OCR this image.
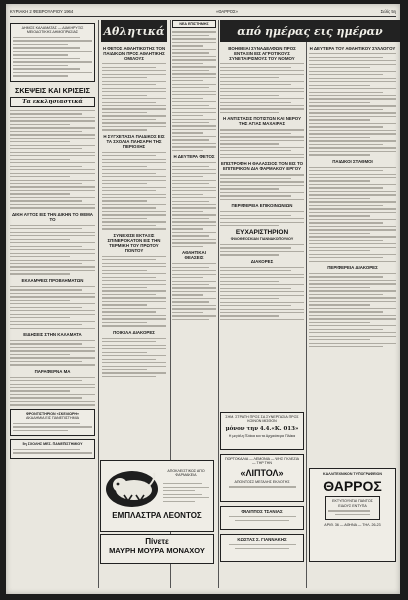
ΚΥΡΙΑΚΗ 2 ΦΕΒΡΟΥΑΡΙΟΥ 1964	«ΘΑΡΡΟΣ»	Σελίς 5η
ΔΗΜΟΣ ΚΑΛΑΜΑΤΑΣ — ΔΙΑΚΗΡΥΞΙΣ ΜΕΙΟΔΟΤΙΚΗΣ ΔΗΜΟΠΡΑΣΙΑΣ
ΣΚΕΨΕΙΣ ΚΑΙ ΚΡΙΣΕΙΣ
Τα εκκλησιαστικά
ΔΙΚΗ ΑΥΤΟΣ ΕΙΣ ΤΗΝ ΔΙΚΗΝ ΤΟ ΘΕΜΑ ΤΟ
ΕΚΛΑΜΨΕΙΣ ΠΡΟΒΛΗΜΑΤΩΝ
ΕΙΔΗΣΕΙΣ ΣΤΗΝ ΚΑΛΑΜΑΤΑ
ΠΑΡΑΦΕΡΝΑ ΜΑ
ΦΡΟΝΤΙΣΤΗΡΙΟΝ «ΣΚΕΛΙΩΡΗ»
ΑΚΑΔΗΜΙΑ ΕΙΣ ΠΑΝΕΠΙΣΤΗΜΙΑ
5η ΣΧΟΛΗΣ ΜΕΣ. ΠΑΝΕΠΙΣΤΗΜΙΟΥ
Αθλητικά
Η ΦΕΤΟΣ ΑΘΛΗΤΙΚΟΤΗΣ ΤΟΝ ΠΑΙΔΙΚΩΝ ΠΡΟΣ ΑΘΛΗΤΙΚΗΣ ΟΜΙΛΟΥΣ
Η ΣΥΓΧΕΤΑΣΙΑ ΠΑΙΔΙΚΟΣ ΕΙΣ ΤΑ ΣΧΟΛΙΑ ΠΛΗΣΑΡΗ ΤΗΣ ΠΕΡΙΟΧΗΣ
ΣΥΝΕΧΙΣΕ ΕΚΤΑΞΙΣ ΣΠΙΝΕΡΟΚΑΤΟΝ ΕΙΣ ΤΗΝ ΤΕΡΜΙΚΗ ΤΟΥ ΠΡΩΤΟΥ ΠΟΝΤΟΥ
ΠΟΙΚΙΛΑ ΔΙΑΚΟΡΕΣ
ΑΠΟΚΛΕΙΣΤΙΚΩΣ ΑΠΟ ΦΑΡΜΑΚΕΙΑ
ΕΜΠΛΑΣΤΡΑ ΛΕΟΝΤΟΣ
Πίνετε
ΜΑΥΡΗ ΜΟΥΡΑ ΜΟΝΑΧΟΥ
ΝΕΑ ΕΠΙΣΤΗΜΗΣ
Η ΔΕΥΤΕΡΑ ΦΕΤΟΣ
ΑΘΛΗΤΙΚΑΙ ΘΕΑΣΕΙΣ
από ημέρας εις ημέραν
ΒΟΗΘΕΙΑΙ ΣΥΝΑΔΕΛΦΩΝ ΠΡΟΣ ΕΝΤΑΞΙΝ ΕΙΣ ΑΓΡΟΤΙΚΟΥΣ ΣΥΝΕΤΑΙΡΙΣΜΟΥΣ ΤΟΥ ΝΟΜΟΥ
Η ΑΝΤΙΣΤΑΣΙΣ ΠΟΤΙΣΤΩΝ ΚΑΙ ΝΕΡΟΥ ΤΗΣ ΑΓΙΑΣ ΜΑΧΑΙΡΑΣ
ΕΠΙΣΤΡΟΦΗ Η ΘΑΛΑΣΣΙΟΣ ΤΟΝ ΕΙΣ ΤΟ ΕΠΙΤΕΡΙΚΟΝ ΔΙΑ ΦΑΡΜΑΚΟΥ ΕΡΓΟΥ
ΠΕΡΙΦΕΡΕΙΑ ΕΠΙΚΟΙΝΩΝΙΩΝ
ΕΥΧΑΡΙΣΤΗΡΙΟΝ
ΦΙΛΟΘΕΟΣΚΙΑΝ ΓΙΑΝΝΑΚΟΠΟΥΛΟΥ
ΔΙΑΚΟΡΕΣ
ΣΗΜ. ΣΤΡΑΤΗ ΠΡΟΣ ΣΑ ΣΥΝΕΡΓΑΣΙΑ ΠΡΟΣ ΚΟΙΝΟΝ ΜΙΣΘΟΝ
μόνον την 4.4.«Κ. 013»
Η μεγάλη Πλάκα και τα Αρχαιότερα Πλάκα
ΠΟΡΤΟΚΑΛΙΑ — ΛΕΜΟΝΙΑ — ΨΗΣ ΓΚΛΕΖΙΑ — ΤΗΡ ΤΗΝ
«ΛΙΠΤΟΛ»
ΑΠΟΝΤΟΣΣ ΜΕΓΑΛΗΣ ΕΚΛΟΓΗΣ
ΦΙΛΙΠΠΟΣ ΤΣΑΝΙΑΣ
ΚΩΣΤΑΣ Σ. ΓΙΑΝΝΑΚΗΣ
Η ΔΕΥΤΕΡΑ ΤΟΥ ΑΘΛΗΤΙΚΟΥ ΣΥΛΛΟΓΟΥ
ΠΑΙΔΙΚΟΙ ΣΤΑΘΜΟΙ
ΠΕΡΙΦΕΡΕΙΑ ΔΙΑΚΟΡΕΣ
ΚΑΛΛΙΤΕΧΝΙΚΟΝ ΤΥΠΟΓΡΑΦΕΙΟΝ
ΘΑΡΡΟΣ
ΕΚΤΥΠΟΥΝΤΑΙ ΠΑΝΤΟΣ ΕΙΔΟΥΣ ΕΝΤΥΠΑ
ΑΡΙΘ. 36 — ΑΘΗΝΑ — ΤΗΛ. 26-23
